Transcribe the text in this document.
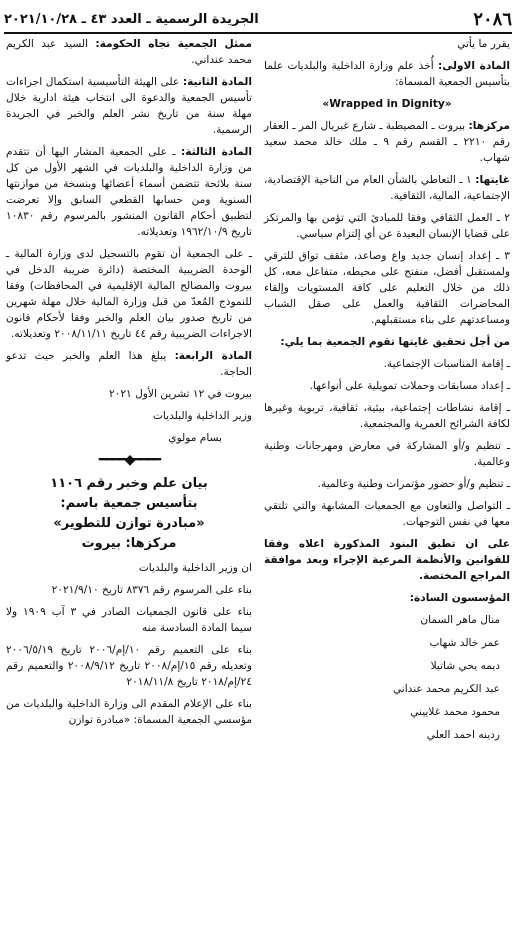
٢٠٨٦
الجريدة الرسمية ـ العدد ٤٣ ـ ٢٠٢١/١٠/٢٨

يقرر ما يأتي

المادة الاولى: أُخذ علم وزارة الداخلية والبلديات علما بتأسيس الجمعية المسماة:

«Wrapped in Dignity»

مركزها: بيروت ـ المصيطبة ـ شارع غبريال المر ـ العقار رقم ٢٢١٠ ـ القسم رقم ٩ ـ ملك خالد محمد سعيد شهاب.

غايتها: ١ ـ التعاطي بالشأن العام من الناحية الإقتصادية، الإجتماعية، المالية، الثقافية.

٢ ـ العمل الثقافي وفقا للمبادئ التي تؤمن بها والمرتكز على قضايا الإنسان البعيدة عن أي إلتزام سياسي.

٣ ـ إعداد إنسان جديد واع وصاعد، مثقف تواق للترقي ولمستقبل أفضل، منفتح على محيطه، متفاعل معه، كل ذلك من خلال التعليم على كافة المستويات وإلقاء المحاضرات الثقافية والعمل على صقل الشباب ومساعدتهم على بناء مستقبلهم.

من أجل تحقيق غايتها تقوم الجمعية بما يلي:

ـ إقامة المناسبات الإجتماعية.

ـ إعداد مسابقات وحملات تمويلية على أنواعها.

ـ إقامة نشاطات إجتماعية، بيئية، ثقافية، تربوية وغيرها لكافة الشرائح العمرية والمجتمعية.

ـ تنظيم و/أو المشاركة في معارض ومهرجانات وطنية وعالمية.

ـ تنظيم و/أو حضور مؤتمرات وطنية وعالمية.

ـ التواصل والتعاون مع الجمعيات المشابهة والتي تلتقي معها في نفس التوجهات.

على ان تطبق البنود المذكورة اعلاه وفقا للقوانين والأنظمة المرعية الإجراء وبعد موافقة المراجع المختصة.

المؤسسون السادة:

منال ماهر السمان

عمر خالد شهاب

ديمه يحي شاتيلا

عبد الكريم محمد عنداني

محمود محمد غلاييني

ردينه احمد العلي

ممثل الجمعية تجاه الحكومة: السيد عبد الكريم محمد عنداني.

المادة الثانية: على الهيئة التأسيسية استكمال اجراءات تأسيس الجمعية والدعوة الى انتخاب هيئة ادارية خلال مهلة سنة من تاريخ نشر العلم والخبر في الجريدة الرسمية.

المادة الثالثة: ـ على الجمعية المشار اليها أن تتقدم من وزارة الداخلية والبلديات في الشهر الأول من كل سنة بلائحة تتضمن أسماء أعضائها وبنسخة من موازنتها السنوية ومن حسابها القطعي السابق وإلا تعرضت لتطبيق أحكام القانون المنشور بالمرسوم رقم ١٠٨٣٠ تاريخ ١٩٦٢/١٠/٩ وتعديلاته.

ـ على الجمعية أن تقوم بالتسجيل لدى وزارة المالية ـ الوحدة الضريبية المختصة (دائرة ضريبة الدخل في بيروت والمصالح المالية الإقليمية في المحافظات) وفقا للنموذج المُعدّ من قبل وزارة المالية خلال مهلة شهرين من تاريخ صدور بيان العلم والخبر وفقا لأحكام قانون الاجراءات الضريبية رقم ٤٤ تاريخ ٢٠٠٨/١١/١١ وتعديلاته.

المادة الرابعة: يبلغ هذا العلم والخبر حيث تدعو الحاجة.

بيروت في ١٢ تشرين الأول ٢٠٢١

وزير الداخلية والبلديات

بسام مولوي

━━━━◆━━━━
بيان علم وخبر رقم ١١٠٦
بتأسيس جمعية باسم:
«مبادرة توازن للتطوير»
مركزها: بيروت

ان وزير الداخلية والبلديات

بناء على المرسوم رقم ٨٣٧٦ تاريخ ٢٠٢١/٩/١٠

بناء على قانون الجمعيات الصادر في ٣ آب ١٩٠٩ ولا سيما المادة السادسة منه

بناء على التعميم رقم ١٠/إم/٢٠٠٦ تاريخ ٢٠٠٦/٥/١٩ وتعديله رقم ١٥/إم/٢٠٠٨ تاريخ ٢٠٠٨/٩/١٢ والتعميم رقم ٢٤/إم/٢٠١٨ تاريخ ٢٠١٨/١١/٨

بناء على الإعلام المقدم الى وزارة الداخلية والبلديات من مؤسسي الجمعية المسماة: «مبادرة توازن
